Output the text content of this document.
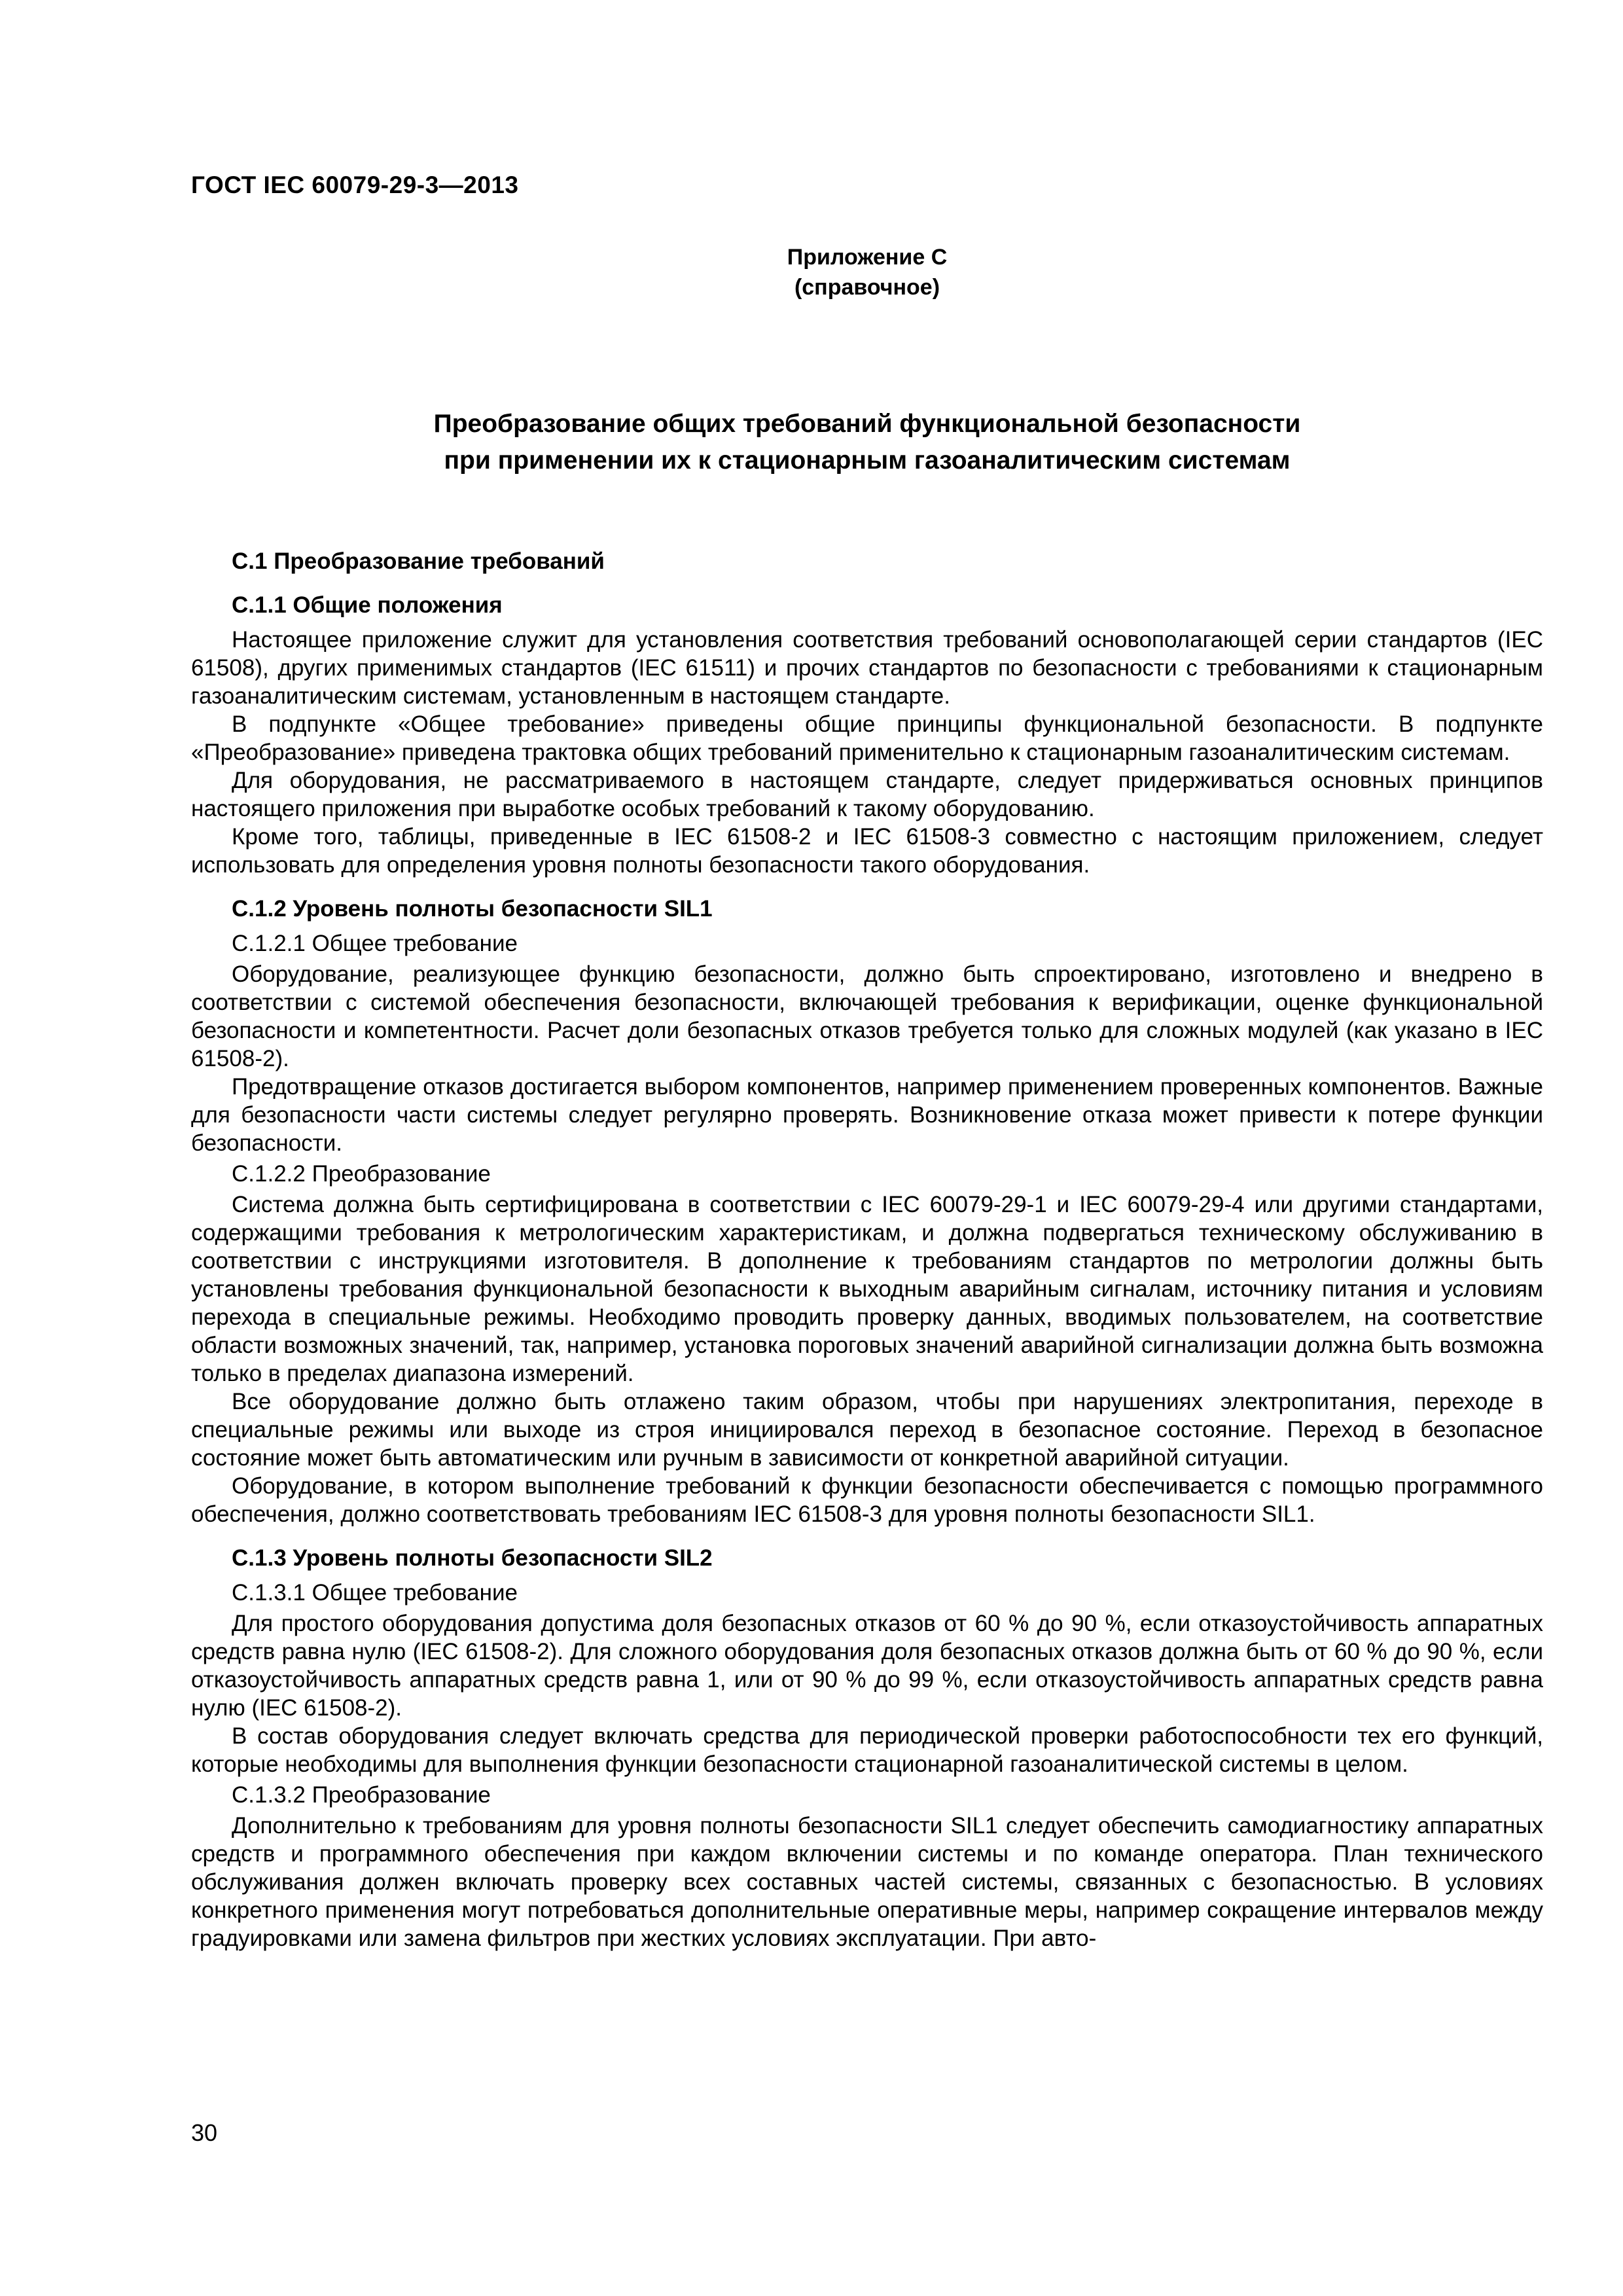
ГОСТ IEC 60079-29-3—2013
Приложение С
(справочное)
Преобразование общих требований функциональной безопасности
при применении их к стационарным газоаналитическим системам

С.1 Преобразование требований

С.1.1 Общие положения

Настоящее приложение служит для установления соответствия требований основополагающей серии стандартов (IEC 61508), других применимых стандартов (IEC 61511) и прочих стандартов по безопасности с требованиями к стационарным газоаналитическим системам, установленным в настоящем стандарте.

В подпункте «Общее требование» приведены общие принципы функциональной безопасности. В подпункте «Преобразование» приведена трактовка общих требований применительно к стационарным газоаналитическим системам.

Для оборудования, не рассматриваемого в настоящем стандарте, следует придерживаться основных принципов настоящего приложения при выработке особых требований к такому оборудованию.

Кроме того, таблицы, приведенные в IEC 61508-2 и IEC 61508-3 совместно с настоящим приложением, следует использовать для определения уровня полноты безопасности такого оборудования.

С.1.2 Уровень полноты безопасности SIL1

С.1.2.1 Общее требование

Оборудование, реализующее функцию безопасности, должно быть спроектировано, изготовлено и внедрено в соответствии с системой обеспечения безопасности, включающей требования к верификации, оценке функциональной безопасности и компетентности. Расчет доли безопасных отказов требуется только для сложных модулей (как указано в IEC 61508-2).

Предотвращение отказов достигается выбором компонентов, например применением проверенных компонентов. Важные для безопасности части системы следует регулярно проверять. Возникновение отказа может привести к потере функции безопасности.

С.1.2.2 Преобразование

Система должна быть сертифицирована в соответствии с IEC 60079-29-1 и IEC 60079-29-4 или другими стандартами, содержащими требования к метрологическим характеристикам, и должна подвергаться техническому обслуживанию в соответствии с инструкциями изготовителя. В дополнение к требованиям стандартов по метрологии должны быть установлены требования функциональной безопасности к выходным аварийным сигналам, источнику питания и условиям перехода в специальные режимы. Необходимо проводить проверку данных, вводимых пользователем, на соответствие области возможных значений, так, например, установка пороговых значений аварийной сигнализации должна быть возможна только в пределах диапазона измерений.

Все оборудование должно быть отлажено таким образом, чтобы при нарушениях электропитания, переходе в специальные режимы или выходе из строя инициировался переход в безопасное состояние. Переход в безопасное состояние может быть автоматическим или ручным в зависимости от конкретной аварийной ситуации.

Оборудование, в котором выполнение требований к функции безопасности обеспечивается с помощью программного обеспечения, должно соответствовать требованиям IEC 61508-3 для уровня полноты безопасности SIL1.

С.1.3 Уровень полноты безопасности SIL2

С.1.3.1 Общее требование

Для простого оборудования допустима доля безопасных отказов от 60 % до 90 %, если отказоустойчивость аппаратных средств равна нулю (IEC 61508-2). Для сложного оборудования доля безопасных отказов должна быть от 60 % до 90 %, если отказоустойчивость аппаратных средств равна 1, или от 90 % до 99 %, если отказоустойчивость аппаратных средств равна нулю (IEC 61508-2).

В состав оборудования следует включать средства для периодической проверки работоспособности тех его функций, которые необходимы для выполнения функции безопасности стационарной газоаналитической системы в целом.

С.1.3.2 Преобразование

Дополнительно к требованиям для уровня полноты безопасности SIL1 следует обеспечить самодиагностику аппаратных средств и программного обеспечения при каждом включении системы и по команде оператора. План технического обслуживания должен включать проверку всех составных частей системы, связанных с безопасностью. В условиях конкретного применения могут потребоваться дополнительные оперативные меры, например сокращение интервалов между градуировками или замена фильтров при жестких условиях эксплуатации. При авто-

30
